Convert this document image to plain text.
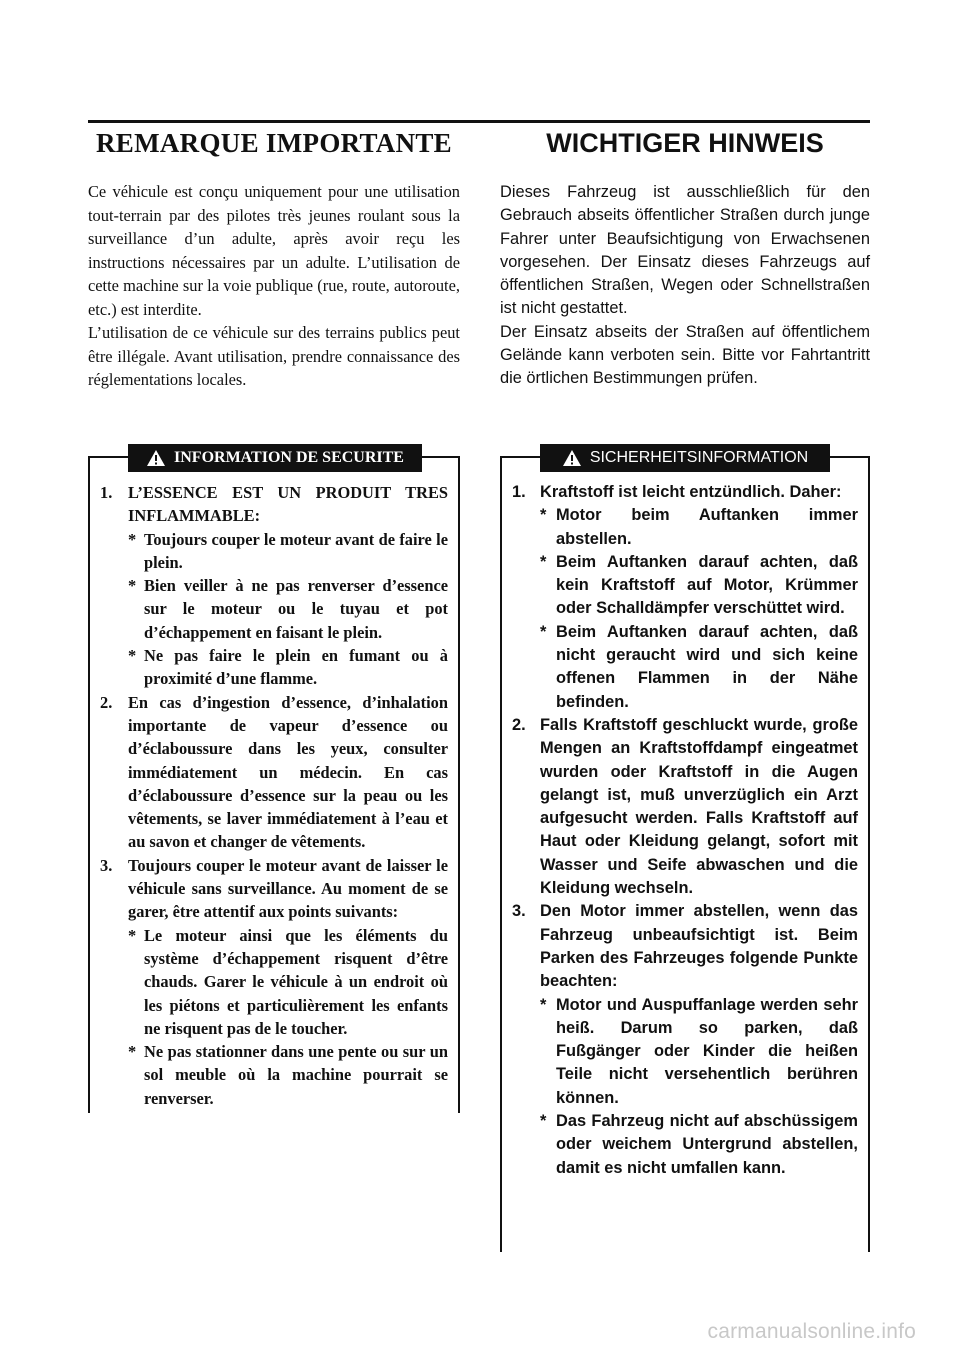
REMARQUE IMPORTANTE

Ce véhicule est conçu uniquement pour une utilisation tout-terrain par des pilotes très jeunes roulant sous la surveillance d’un adulte, après avoir reçu les instructions nécessaires par un adulte. L’utilisation de cette machine sur la voie publique (rue, route, autoroute, etc.) est interdite.

L’utilisation de ce véhicule sur des terrains publics peut être illégale. Avant utilisation, prendre connaissance des réglementations locales.

INFORMATION DE SECURITE
1. L’ESSENCE EST UN PRODUIT TRES INFLAMMABLE:
* Toujours couper le moteur avant de faire le plein.
* Bien veiller à ne pas renverser d’essence sur le moteur ou le tuyau et pot d’échappement en faisant le plein.
* Ne pas faire le plein en fumant ou à proximité d’une flamme.
2. En cas d’ingestion d’essence, d’inhalation importante de vapeur d’essence ou d’éclaboussure dans les yeux, consulter immédiatement un médecin. En cas d’éclaboussure d’essence sur la peau ou les vêtements, se laver immédiatement à l’eau et au savon et changer de vêtements.
3. Toujours couper le moteur avant de laisser le véhicule sans surveillance. Au moment de se garer, être attentif aux points suivants:
* Le moteur ainsi que les éléments du système d’échappement risquent d’être chauds. Garer le véhicule à un endroit où les piétons et particulièrement les enfants ne risquent pas de le toucher.
* Ne pas stationner dans une pente ou sur un sol meuble où la machine pourrait se renverser.
WICHTIGER HINWEIS

Dieses Fahrzeug ist ausschließlich für den Gebrauch abseits öffentlicher Straßen durch junge Fahrer unter Beaufsichtigung von Erwachsenen vorgesehen. Der Einsatz dieses Fahrzeugs auf öffentlichen Straßen, Wegen oder Schnellstraßen ist nicht gestattet.

Der Einsatz abseits der Straßen auf öffentlichem Gelände kann verboten sein. Bitte vor Fahrtantritt die örtlichen Bestimmungen prüfen.

SICHERHEITSINFORMATION
1. Kraftstoff ist leicht entzündlich. Daher:
* Motor beim Auftanken immer abstellen.
* Beim Auftanken darauf achten, daß kein Kraftstoff auf Motor, Krümmer oder Schalldämpfer verschüttet wird.
* Beim Auftanken darauf achten, daß nicht geraucht wird und sich keine offenen Flammen in der Nähe befinden.
2. Falls Kraftstoff geschluckt wurde, große Mengen an Kraftstoffdampf eingeatmet wurden oder Kraftstoff in die Augen gelangt ist, muß unverzüglich ein Arzt aufgesucht werden. Falls Kraftstoff auf Haut oder Kleidung gelangt, sofort mit Wasser und Seife abwaschen und die Kleidung wechseln.
3. Den Motor immer abstellen, wenn das Fahrzeug unbeaufsichtigt ist. Beim Parken des Fahrzeuges folgende Punkte beachten:
* Motor und Auspuffanlage werden sehr heiß. Darum so parken, daß Fußgänger oder Kinder die heißen Teile nicht versehentlich berühren können.
* Das Fahrzeug nicht auf abschüssigem oder weichem Untergrund abstellen, damit es nicht umfallen kann.
carmanualsonline.info
